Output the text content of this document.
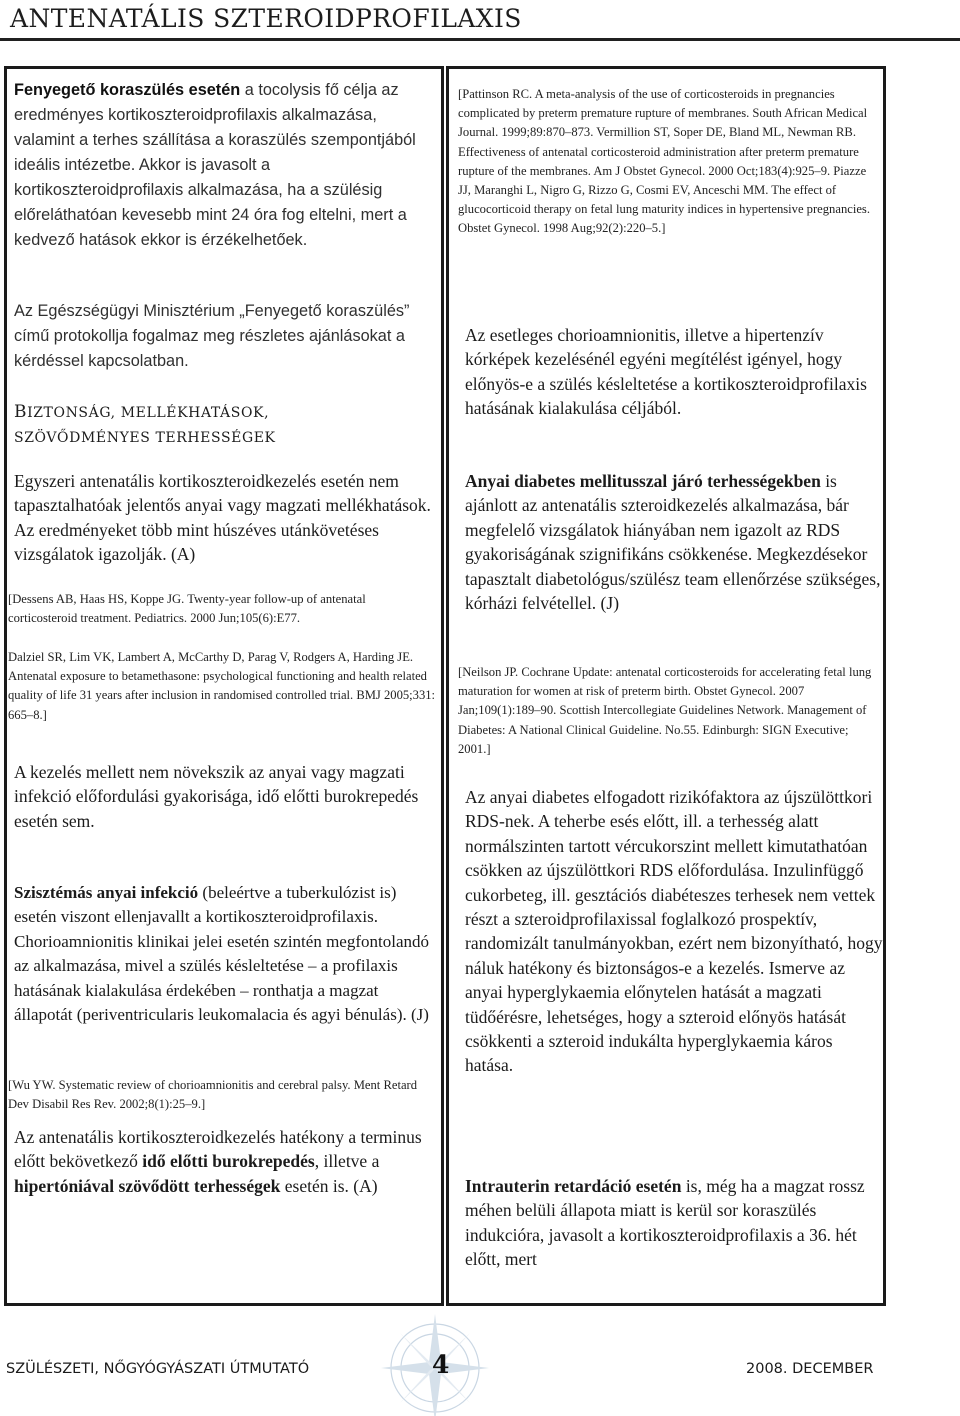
ANTENATÁLIS SZTEROIDPROFILAXIS
Fenyegető koraszülés esetén a tocolysis fő célja az eredményes kortikoszteroidprofilaxis alkalmazása, valamint a terhes szállítása a koraszülés szempontjából ideális intézetbe. Akkor is javasolt a kortikoszteroidprofilaxis alkalmazása, ha a szülésig előreláthatóan kevesebb mint 24 óra fog eltelni, mert a kedvező hatások ekkor is érzékelhetőek.
Az Egészségügyi Minisztérium „Fenyegető koraszülés” című protokollja fogalmaz meg részletes ajánlásokat a kérdéssel kapcsolatban.
BIZTONSÁG, MELLÉKHATÁSOK,
SZÖVŐDMÉNYES TERHESSÉGEK
Egyszeri antenatális kortikoszteroidkezelés esetén nem tapasztalhatóak jelentős anyai vagy magzati mellékhatások. Az eredményeket több mint húszéves utánkövetéses vizsgálatok igazolják. (A)
[Dessens AB, Haas HS, Koppe JG. Twenty-year follow-up of antenatal corticosteroid treatment. Pediatrics. 2000 Jun;105(6):E77.
Dalziel SR, Lim VK, Lambert A, McCarthy D, Parag V, Rodgers A, Harding JE. Antenatal exposure to betamethasone: psychological functioning and health related quality of life 31 years after inclusion in randomised controlled trial. BMJ 2005;331: 665–8.]
A kezelés mellett nem növekszik az anyai vagy magzati infekció előfordulási gyakorisága, idő előtti burokrepedés esetén sem.
Szisztémás anyai infekció (beleértve a tuberkulózist is) esetén viszont ellenjavallt a kortikoszteroidprofilaxis. Chorioamnionitis klinikai jelei esetén szintén megfontolandó az alkalmazása, mivel a szülés késleltetése – a profilaxis hatásának kialakulása érdekében – ronthatja a magzat állapotát (periventricularis leukomalacia és agyi bénulás). (J)
[Wu YW. Systematic review of chorioamnionitis and cerebral palsy. Ment Retard Dev Disabil Res Rev. 2002;8(1):25–9.]
Az antenatális kortikoszteroidkezelés hatékony a terminus előtt bekövetkező idő előtti burokrepedés, illetve a hipertóniával szövődött terhességek esetén is. (A)
[Pattinson RC. A meta-analysis of the use of corticosteroids in pregnancies complicated by preterm premature rupture of membranes. South African Medical Journal. 1999;89:870–873. Vermillion ST, Soper DE, Bland ML, Newman RB. Effectiveness of antenatal corticosteroid administration after preterm premature rupture of the membranes. Am J Obstet Gynecol. 2000 Oct;183(4):925–9. Piazze JJ, Maranghi L, Nigro G, Rizzo G, Cosmi EV, Anceschi MM. The effect of glucocorticoid therapy on fetal lung maturity indices in hypertensive pregnancies. Obstet Gynecol. 1998 Aug;92(2):220–5.]
Az esetleges chorioamnionitis, illetve a hipertenzív kórképek kezelésénél egyéni megítélést igényel, hogy előnyös-e a szülés késleltetése a kortikoszteroidprofilaxis hatásának kialakulása céljából.
Anyai diabetes mellitusszal járó terhességekben is ajánlott az antenatális szteroidkezelés alkalmazása, bár megfelelő vizsgálatok hiányában nem igazolt az RDS gyakoriságának szignifikáns csökkenése. Megkezdésekor tapasztalt diabetológus/szülész team ellenőrzése szükséges, kórházi felvétellel. (J)
[Neilson JP. Cochrane Update: antenatal corticosteroids for accelerating fetal lung maturation for women at risk of preterm birth. Obstet Gynecol. 2007 Jan;109(1):189–90. Scottish Intercollegiate Guidelines Network. Management of Diabetes: A National Clinical Guideline. No.55. Edinburgh: SIGN Executive; 2001.]
Az anyai diabetes elfogadott rizikófaktora az újszülöttkori RDS-nek. A teherbe esés előtt, ill. a terhesség alatt normálszinten tartott vércukorszint mellett kimutathatóan csökken az újszülöttkori RDS előfordulása. Inzulinfüggő cukorbeteg, ill. gesztációs diabéteszes terhesek nem vettek részt a szteroidprofilaxissal foglalkozó prospektív, randomizált tanulmányokban, ezért nem bizonyítható, hogy náluk hatékony és biztonságos-e a kezelés. Ismerve az anyai hyperglykaemia előnytelen hatását a magzati tüdőérésre, lehetséges, hogy a szteroid előnyös hatását csökkenti a szteroid indukálta hyperglykaemia káros hatása.
Intrauterin retardáció esetén is, még ha a magzat rossz méhen belüli állapota miatt is kerül sor koraszülés indukcióra, javasolt a kortikoszteroidprofilaxis a 36. hét előtt, mert
SZÜLÉSZETI, NŐGYÓGYÁSZATI ÚTMUTATÓ	4	2008. DECEMBER
